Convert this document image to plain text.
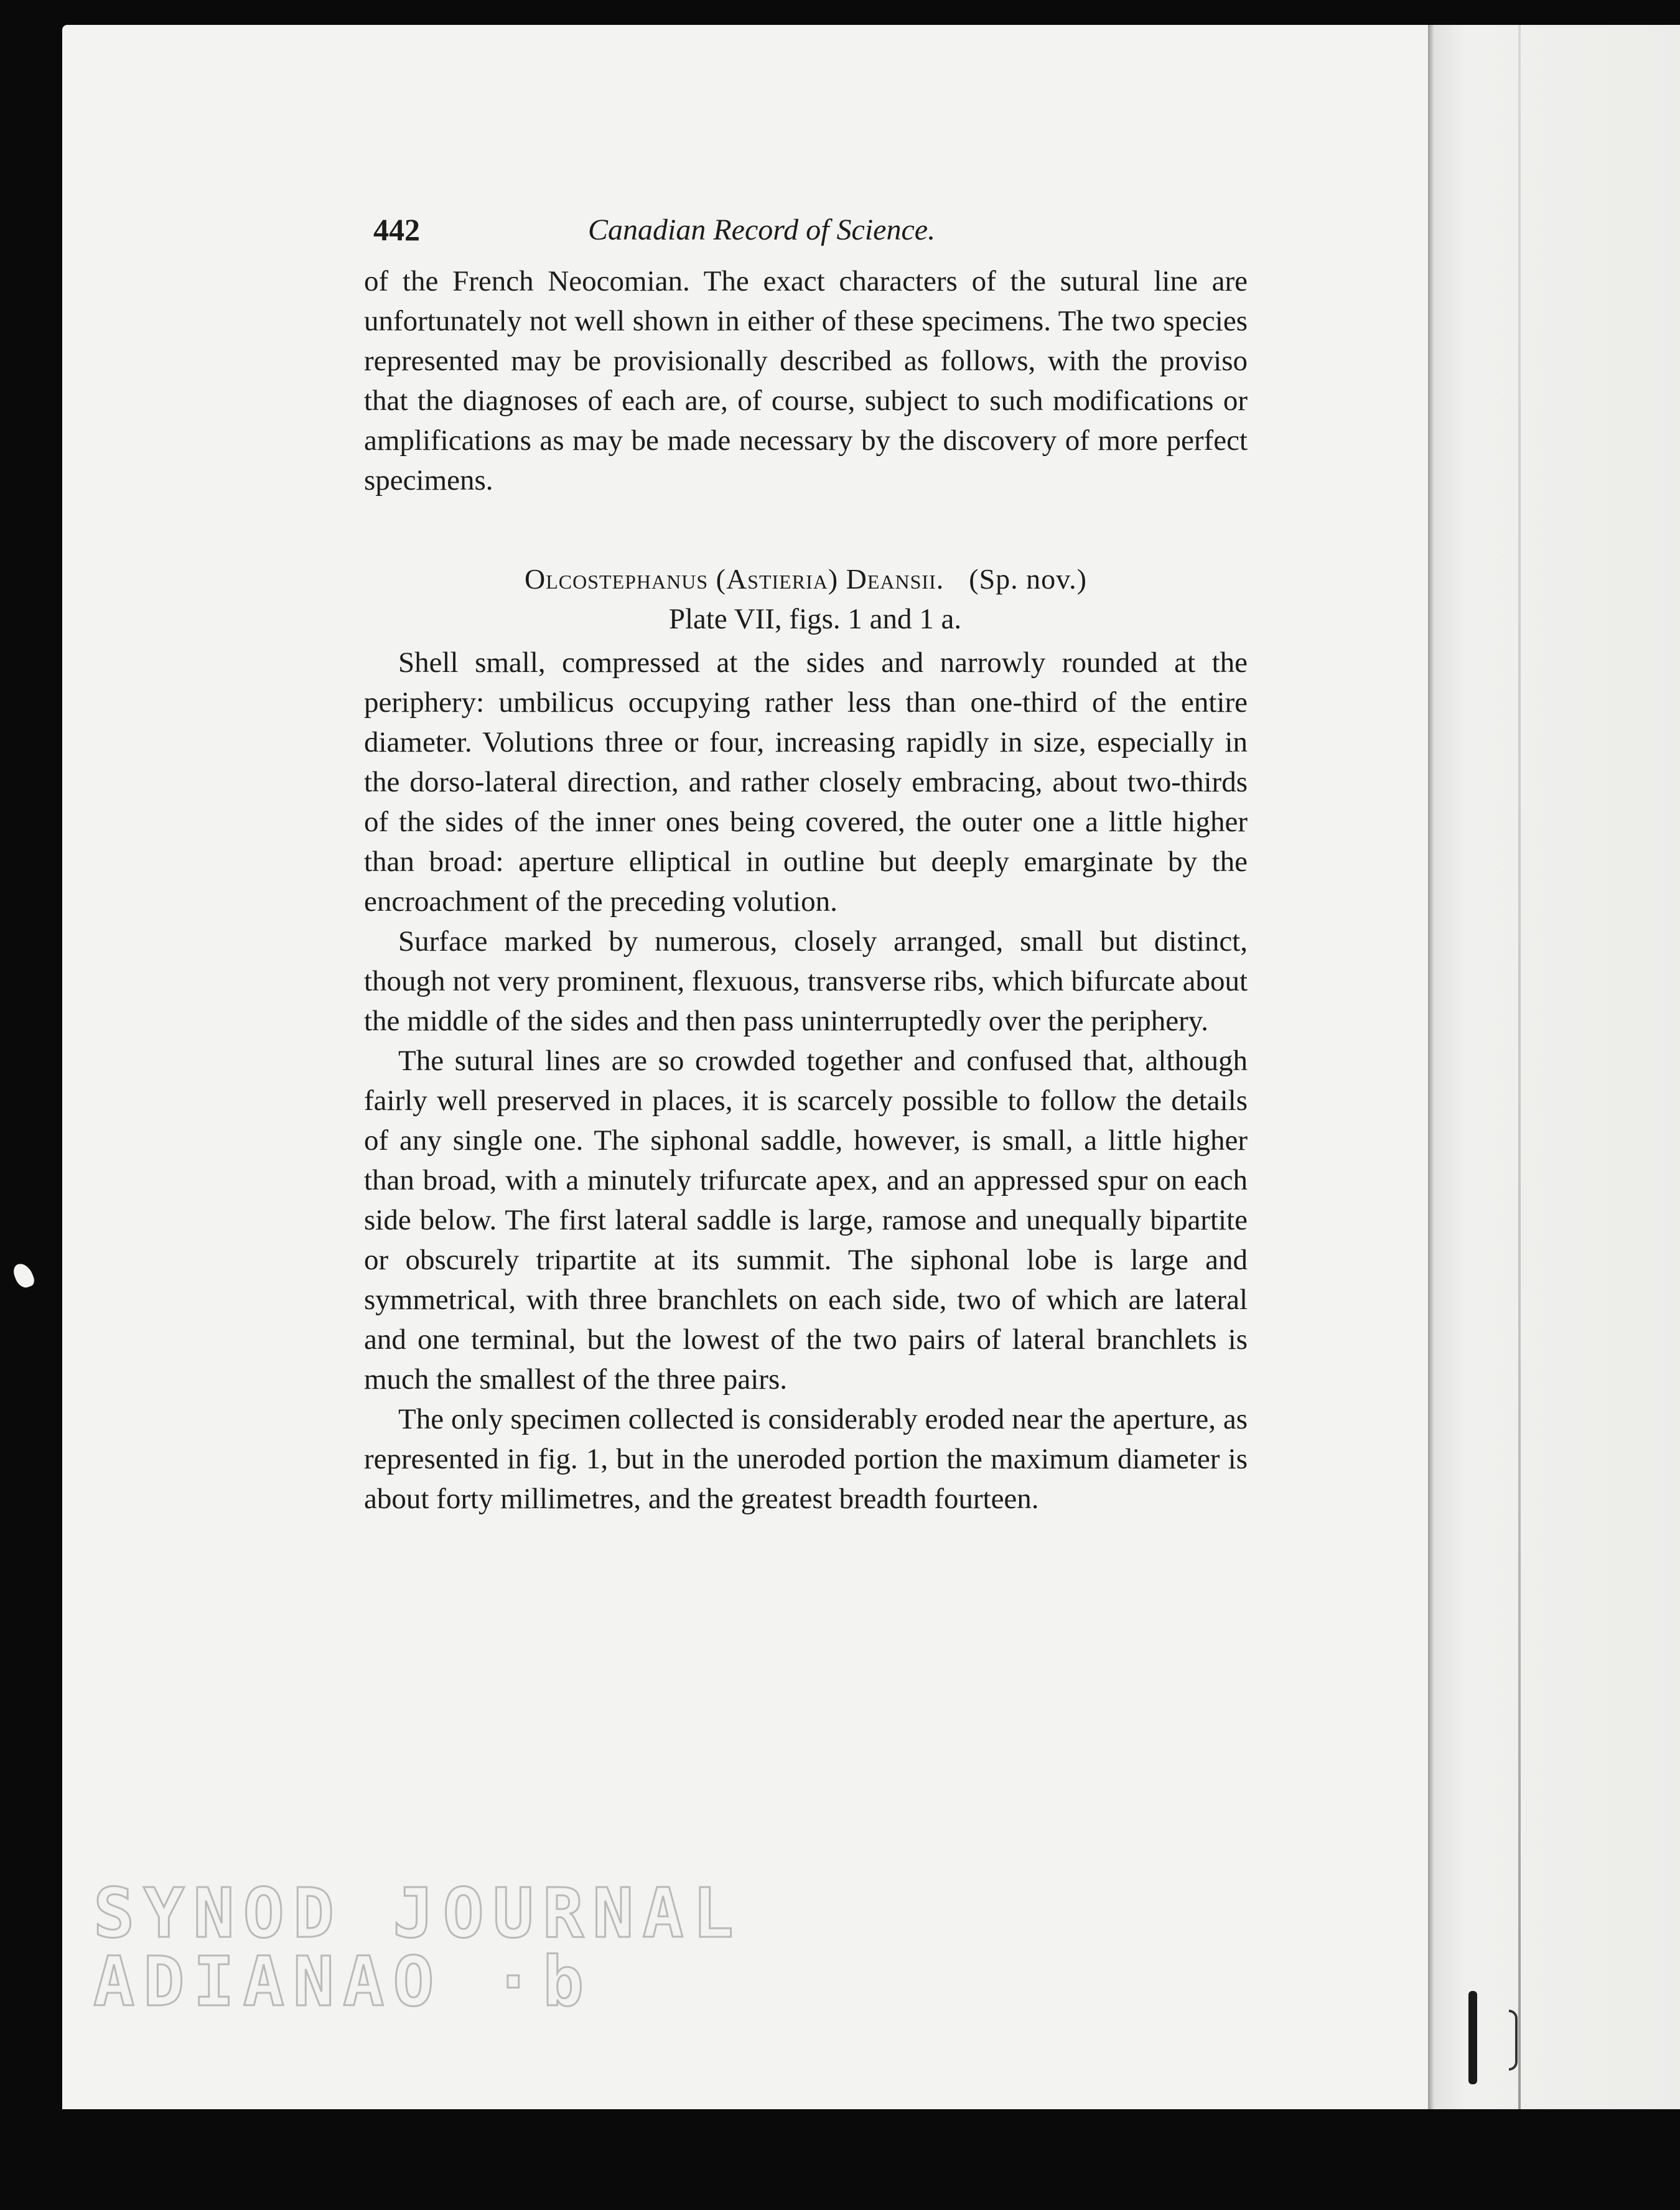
442	Canadian Record of Science.

of the French Neocomian. The exact characters of the sutural line are unfortunately not well shown in either of these specimens. The two species represented may be provisionally described as follows, with the proviso that the diagnoses of each are, of course, subject to such modifications or amplifications as may be made necessary by the discovery of more perfect specimens.

Olcostephanus (Astieria) Deansii. (Sp. nov.)
Plate VII, figs. 1 and 1 a.

Shell small, compressed at the sides and narrowly rounded at the periphery: umbilicus occupying rather less than one-third of the entire diameter. Volutions three or four, increasing rapidly in size, especially in the dorso-lateral direction, and rather closely embracing, about two-thirds of the sides of the inner ones being covered, the outer one a little higher than broad: aperture elliptical in outline but deeply emarginate by the encroachment of the preceding volution.

Surface marked by numerous, closely arranged, small but distinct, though not very prominent, flexuous, transverse ribs, which bifurcate about the middle of the sides and then pass uninterruptedly over the periphery.

The sutural lines are so crowded together and confused that, although fairly well preserved in places, it is scarcely possible to follow the details of any single one. The siphonal saddle, however, is small, a little higher than broad, with a minutely trifurcate apex, and an appressed spur on each side below. The first lateral saddle is large, ramose and unequally bipartite or obscurely tripartite at its summit. The siphonal lobe is large and symmetrical, with three branchlets on each side, two of which are lateral and one terminal, but the lowest of the two pairs of lateral branchlets is much the smallest of the three pairs.

The only specimen collected is considerably eroded near the aperture, as represented in fig. 1, but in the uneroded portion the maximum diameter is about forty millimetres, and the greatest breadth fourteen.

SYNOD JOURNAL
ADIANAO ·b
